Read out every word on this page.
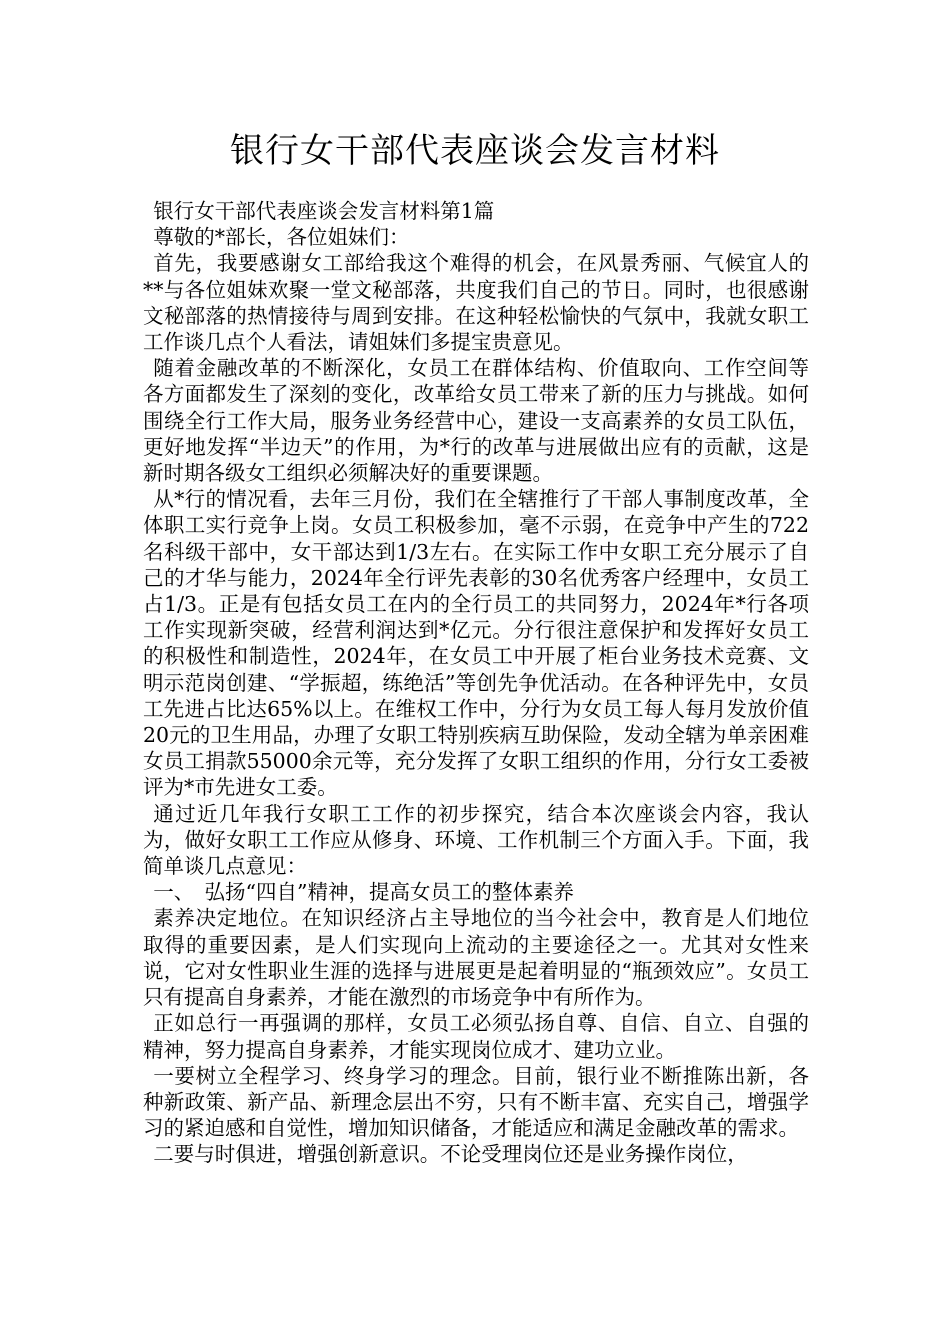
银行女干部代表座谈会发言材料

银行女干部代表座谈会发言材料第1篇

尊敬的*部长，各位姐妹们：

首先，我要感谢女工部给我这个难得的机会，在风景秀丽、气候宜人的**与各位姐妹欢聚一堂文秘部落，共度我们自己的节日。同时，也很感谢文秘部落的热情接待与周到安排。在这种轻松愉快的气氛中，我就女职工工作谈几点个人看法，请姐妹们多提宝贵意见。

随着金融改革的不断深化，女员工在群体结构、价值取向、工作空间等各方面都发生了深刻的变化，改革给女员工带来了新的压力与挑战。如何围绕全行工作大局，服务业务经营中心，建设一支高素养的女员工队伍，更好地发挥“半边天”的作用，为*行的改革与进展做出应有的贡献，这是新时期各级女工组织必须解决好的重要课题。

从*行的情况看，去年三月份，我们在全辖推行了干部人事制度改革，全体职工实行竞争上岗。女员工积极参加，毫不示弱，在竞争中产生的722名科级干部中，女干部达到1/3左右。在实际工作中女职工充分展示了自己的才华与能力，2024年全行评先表彰的30名优秀客户经理中，女员工占1/3。正是有包括女员工在内的全行员工的共同努力，2024年*行各项工作实现新突破，经营利润达到*亿元。分行很注意保护和发挥好女员工的积极性和制造性，2024年，在女员工中开展了柜台业务技术竞赛、文明示范岗创建、“学振超，练绝活”等创先争优活动。在各种评先中，女员工先进占比达65%以上。在维权工作中，分行为女员工每人每月发放价值20元的卫生用品，办理了女职工特别疾病互助保险，发动全辖为单亲困难女员工捐款55000余元等，充分发挥了女职工组织的作用，分行女工委被评为*市先进女工委。

通过近几年我行女职工工作的初步探究，结合本次座谈会内容，我认为，做好女职工工作应从修身、环境、工作机制三个方面入手。下面，我简单谈几点意见：

一、　弘扬“四自”精神，提高女员工的整体素养

素养决定地位。在知识经济占主导地位的当今社会中，教育是人们地位取得的重要因素，是人们实现向上流动的主要途径之一。尤其对女性来说，它对女性职业生涯的选择与进展更是起着明显的“瓶颈效应”。女员工只有提高自身素养，才能在激烈的市场竞争中有所作为。

正如总行一再强调的那样，女员工必须弘扬自尊、自信、自立、自强的精神，努力提高自身素养，才能实现岗位成才、建功立业。

一要树立全程学习、终身学习的理念。目前，银行业不断推陈出新，各种新政策、新产品、新理念层出不穷，只有不断丰富、充实自己，增强学习的紧迫感和自觉性，增加知识储备，才能适应和满足金融改革的需求。

二要与时俱进，增强创新意识。不论受理岗位还是业务操作岗位，
